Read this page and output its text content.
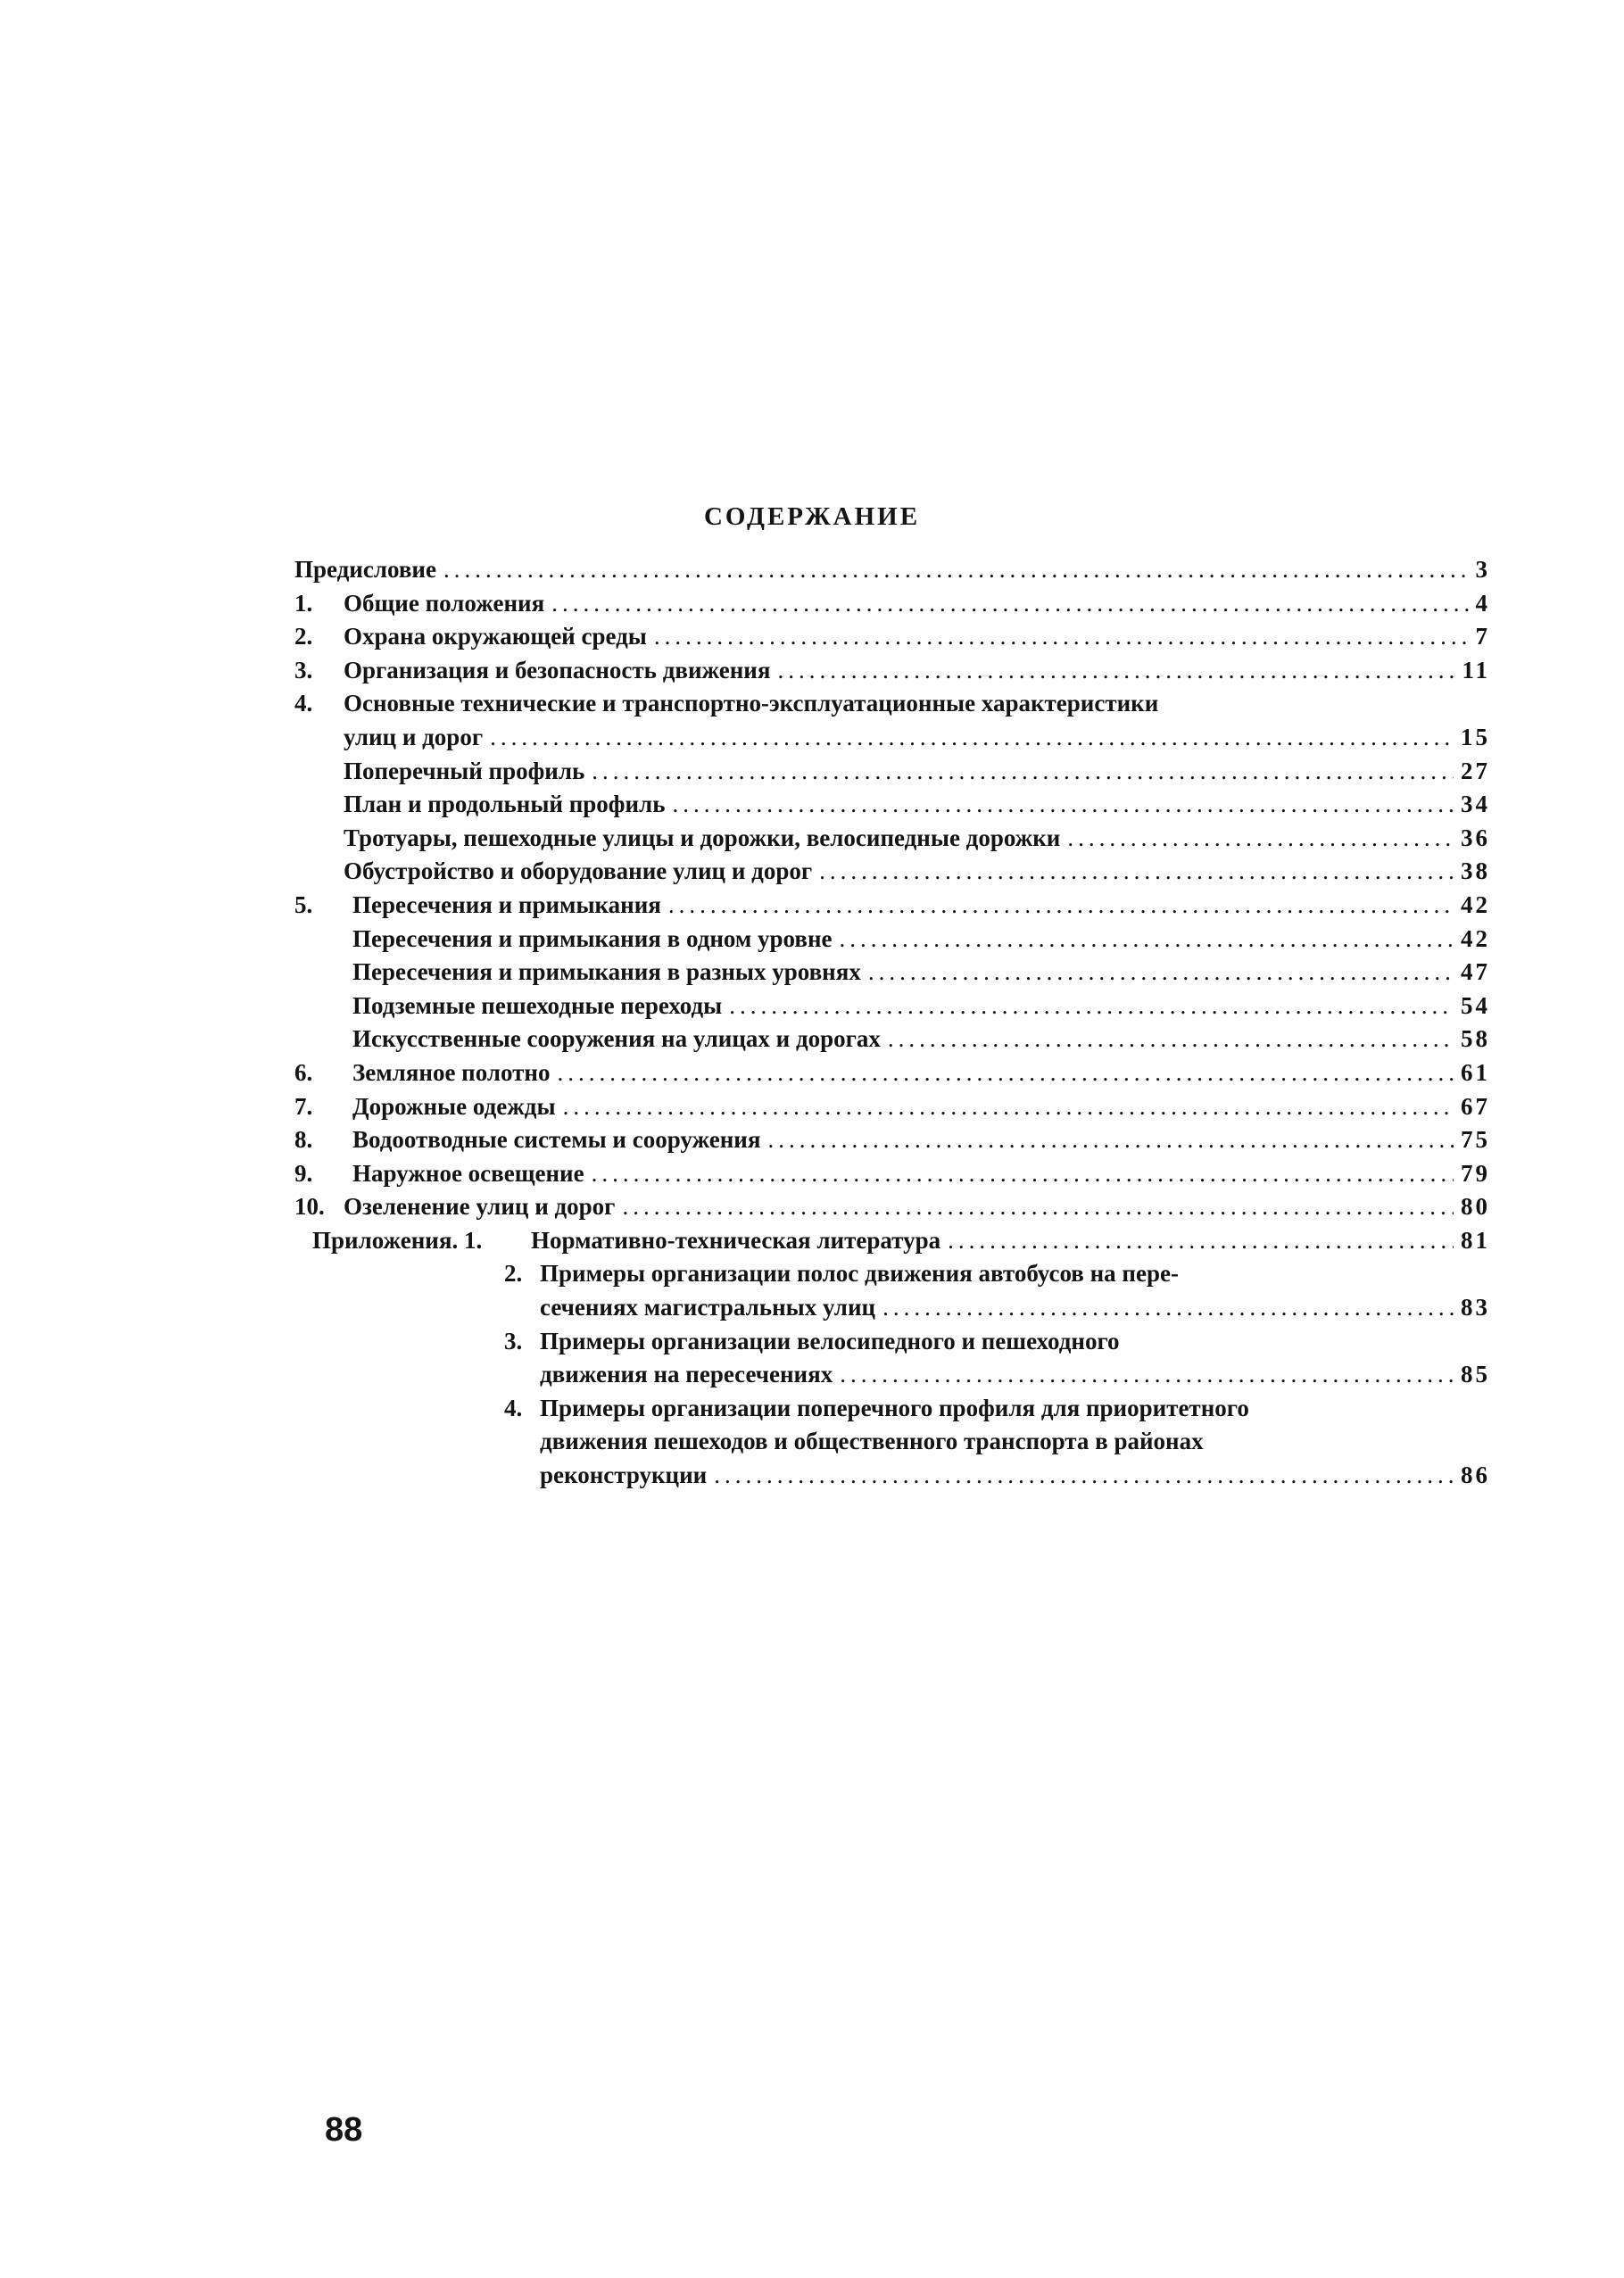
СОДЕРЖАНИЕ
Предисловие .....	3
1. Общие положения .....	4
2. Охрана окружающей среды .....	7
3. Организация и безопасность движения .....	11
4. Основные технические и транспортно-эксплуатационные характеристики
улиц и дорог .....	15
Поперечный профиль .....	27
План и продольный профиль .....	34
Тротуары, пешеходные улицы и дорожки, велосипедные дорожки .....	36
Обустройство и оборудование улиц и дорог .....	38
5. Пересечения и примыкания .....	42
Пересечения и примыкания в одном уровне .....	42
Пересечения и примыкания в разных уровнях .....	47
Подземные пешеходные переходы .....	54
Искусственные сооружения на улицах и дорогах .....	58
6. Земляное полотно .....	61
7. Дорожные одежды .....	67
8. Водоотводные системы и сооружения .....	75
9. Наружное освещение .....	79
10. Озеленение улиц и дорог .....	80
Приложения. 1. Нормативно-техническая литература .....	81
2. Примеры организации полос движения автобусов на пере-
сечениях магистральных улиц .....	83
3. Примеры организации велосипедного и пешеходного
движения на пересечениях .....	85
4. Примеры организации поперечного профиля для приоритетного
движения пешеходов и общественного транспорта в районах
реконструкции .....	86

88
